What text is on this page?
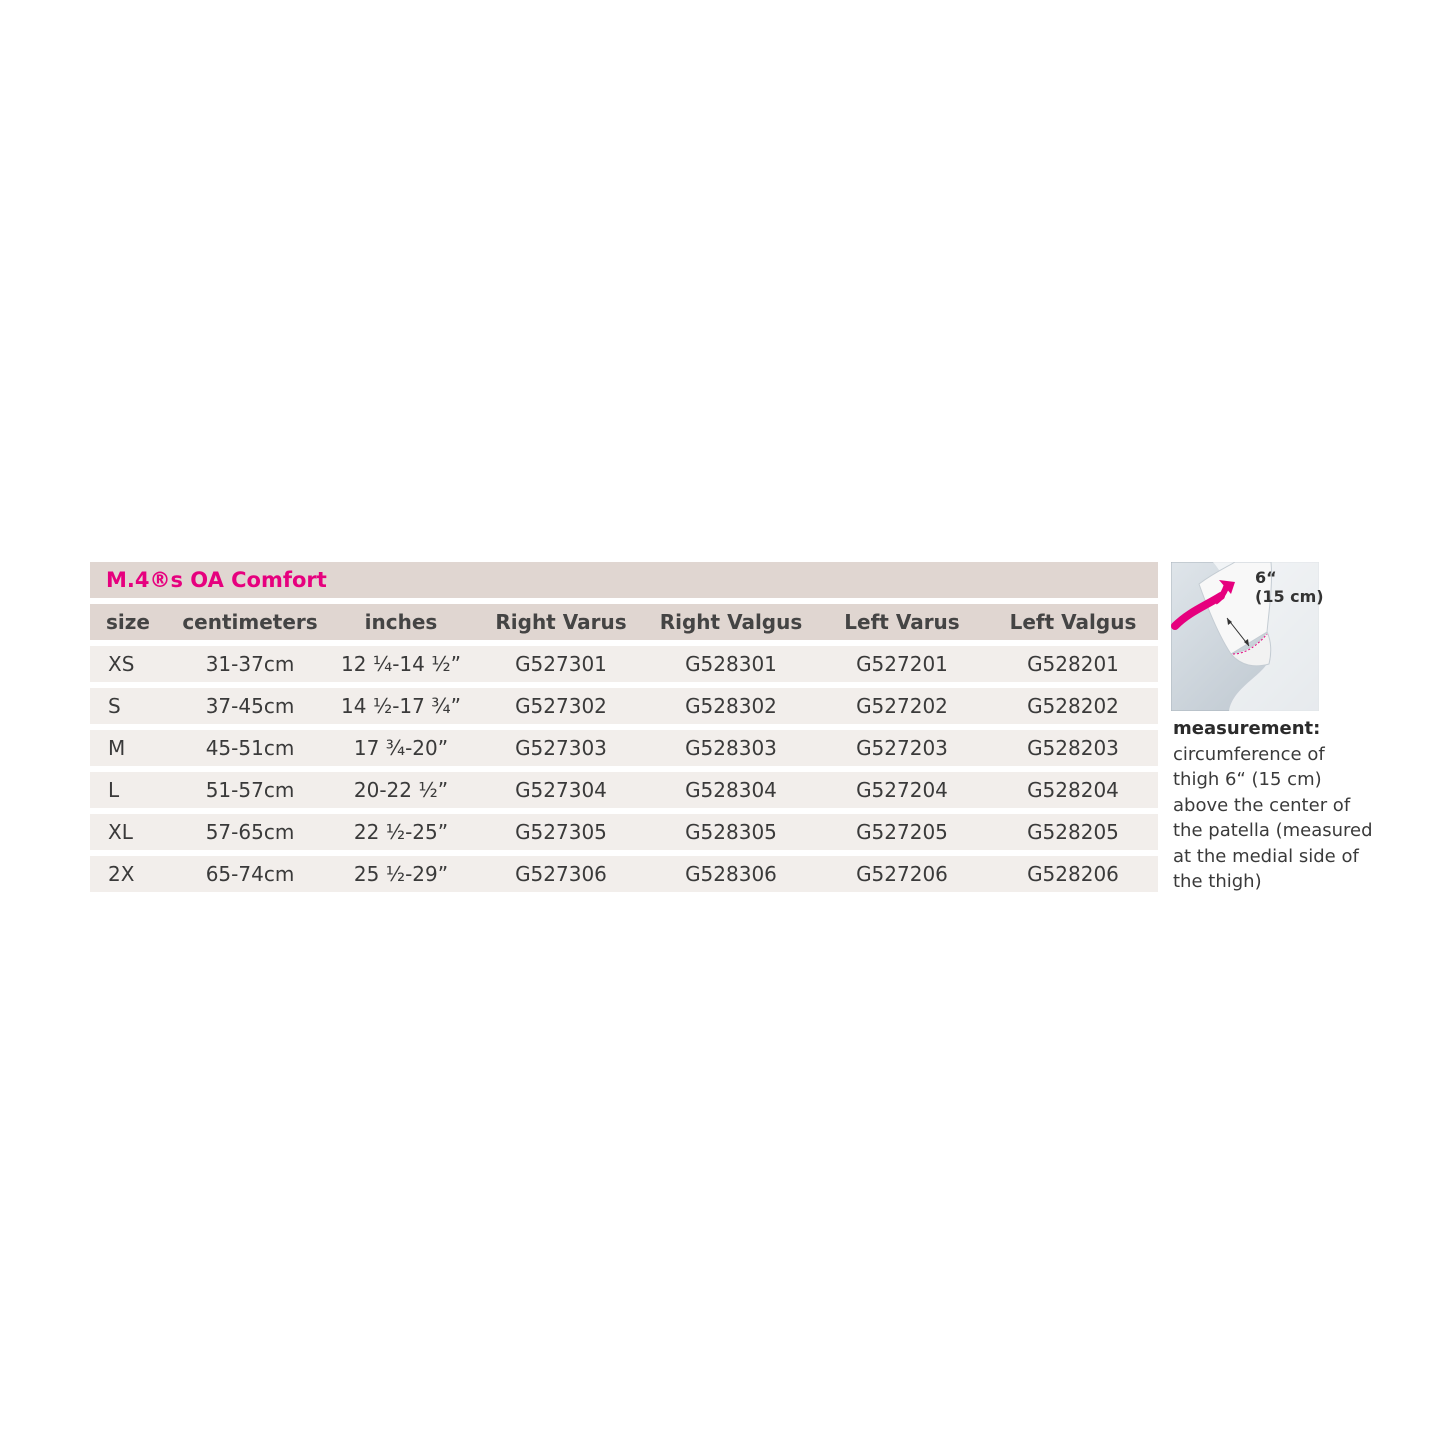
M.4®s OA Comfort
size	centimeters	inches	Right Varus	Right Valgus	Left Varus	Left Valgus
XS	31-37cm	12 ¼-14 ½”	G527301	G528301	G527201	G528201
S	37-45cm	14 ½-17 ¾”	G527302	G528302	G527202	G528202
M	45-51cm	17 ¾-20”	G527303	G528303	G527203	G528203
L	51-57cm	20-22 ½”	G527304	G528304	G527204	G528204
XL	57-65cm	22 ½-25”	G527305	G528305	G527205	G528205
2X	65-74cm	25 ½-29”	G527306	G528306	G527206	G528206
6“
(15 cm)
measurement:
circumference of
thigh 6“ (15 cm)
above the center of
the patella (measured
at the medial side of
the thigh)
